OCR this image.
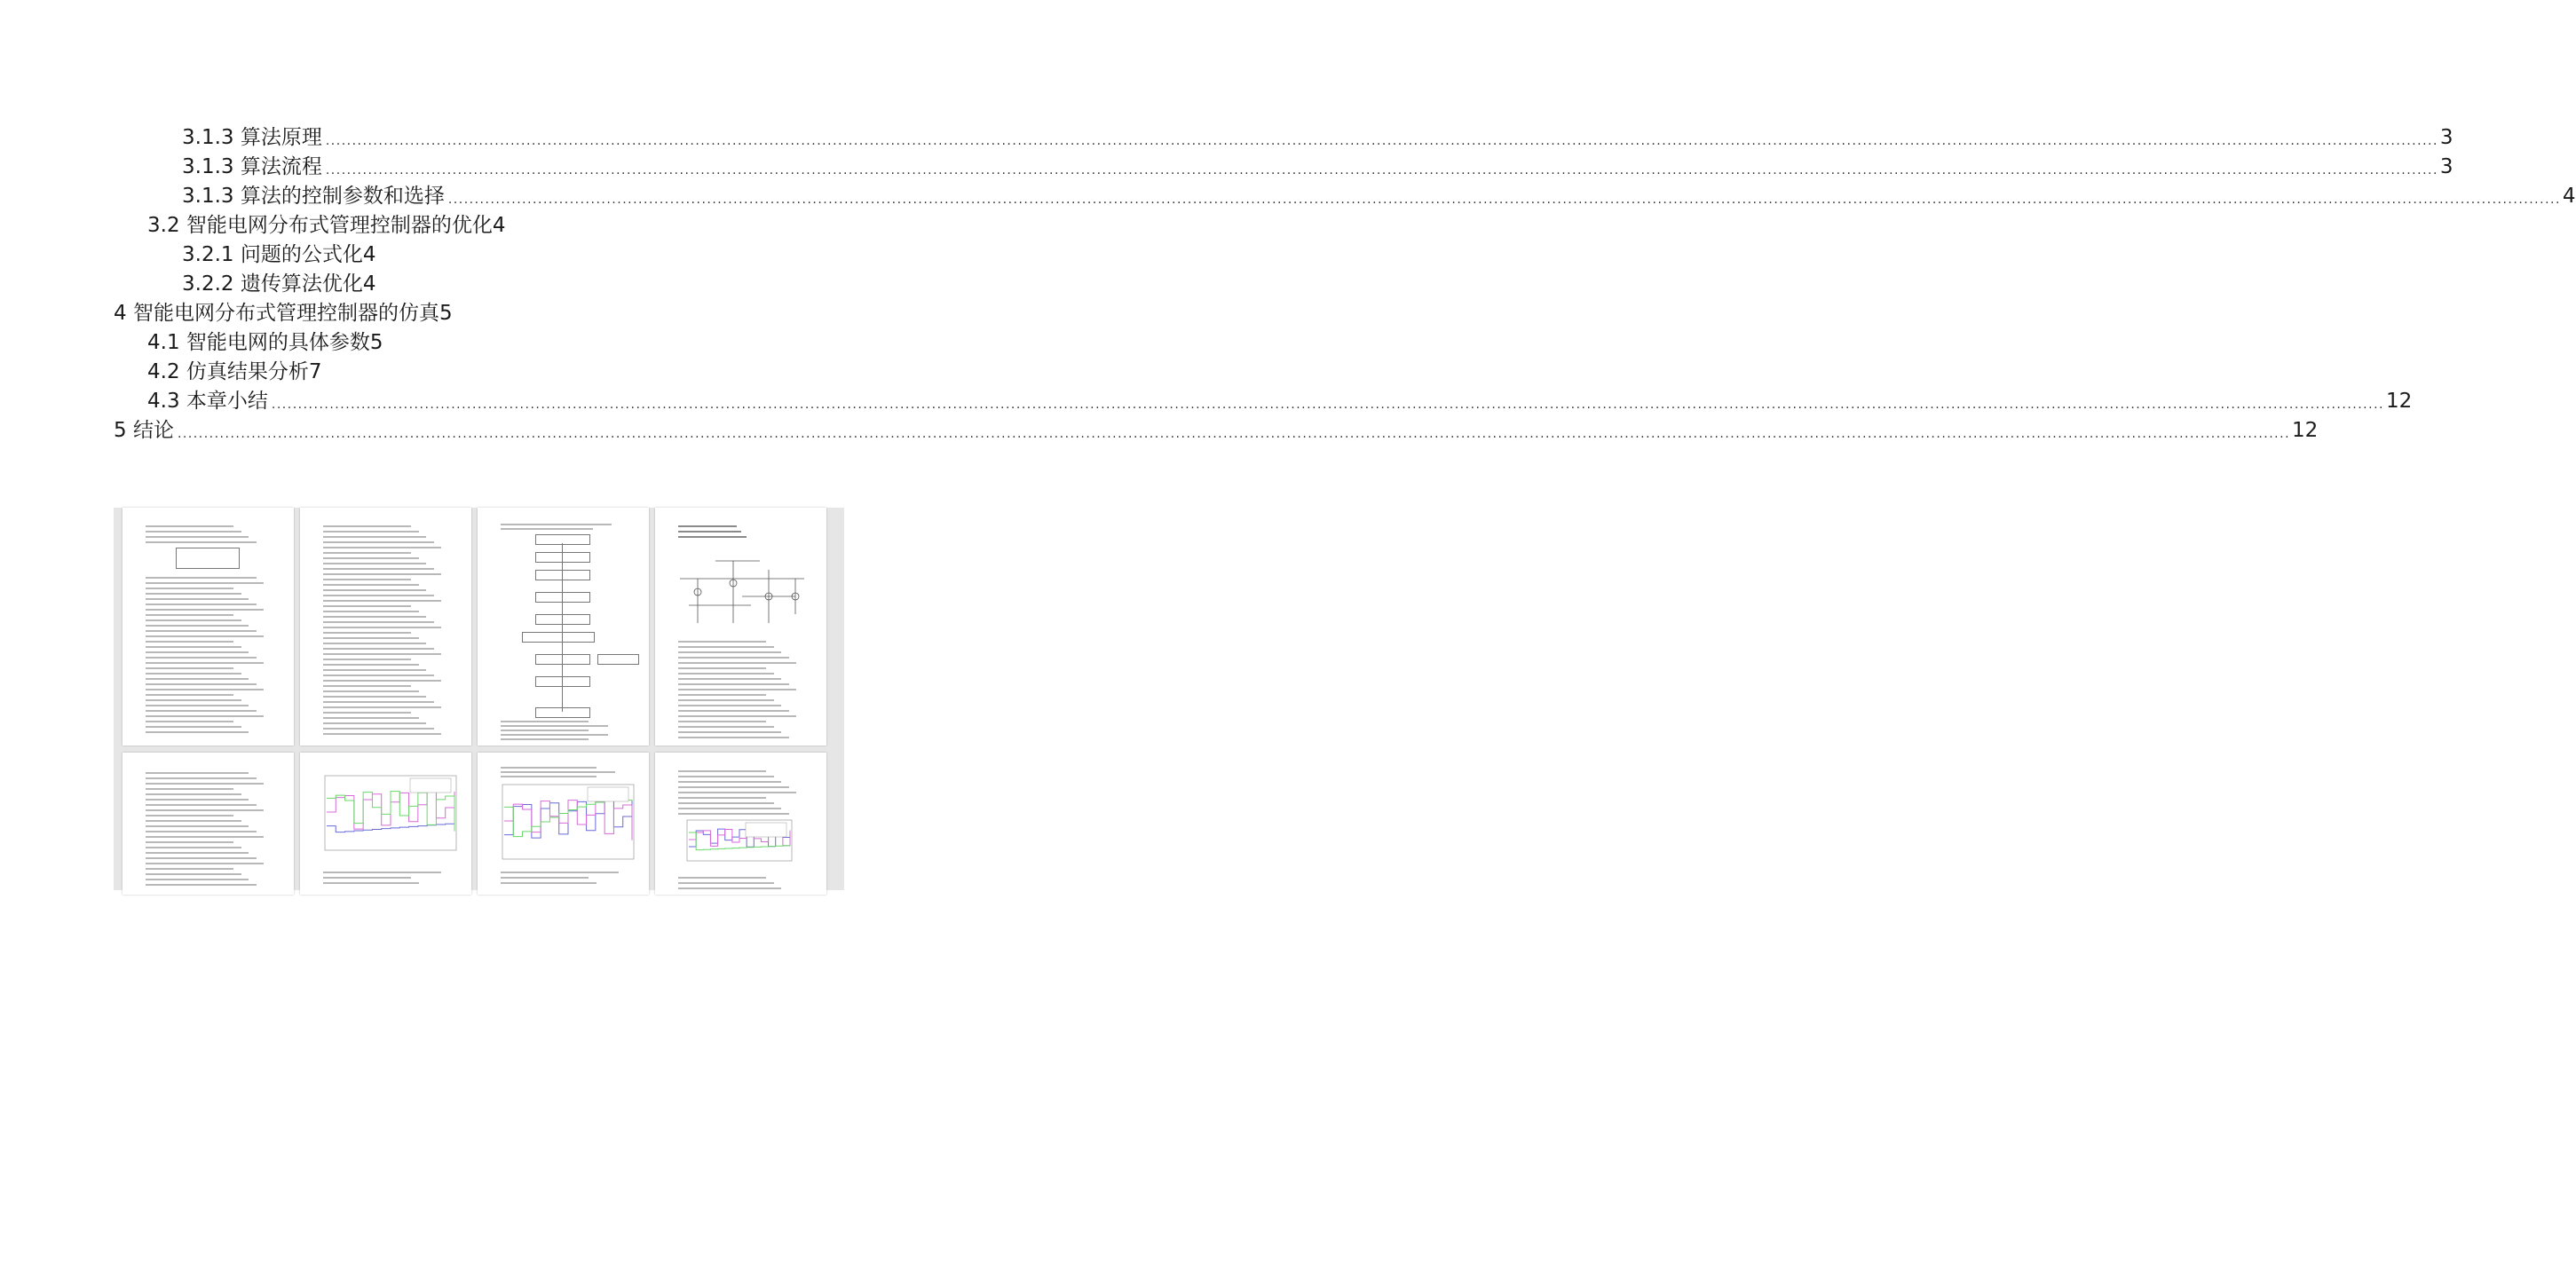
3.1.3 算法原理 ................................................................................................................................................................................................................................................................................................................................................................................................................ 3
3.1.3 算法流程 ................................................................................................................................................................................................................................................................................................................................................................................................................ 3
3.1.3 算法的控制参数和选择 ................................................................................................................................................................................................................................................................................................................................................................................................................ 4
3.2 智能电网分布式管理控制器的优化4
3.2.1 问题的公式化4
3.2.2 遗传算法优化4
4 智能电网分布式管理控制器的仿真5
4.1 智能电网的具体参数5
4.2 仿真结果分析7
4.3 本章小结 ................................................................................................................................................................................................................................................................................................................................................................................................................ 12
5 结论 ................................................................................................................................................................................................................................................................................................................................................................................................................ 12
